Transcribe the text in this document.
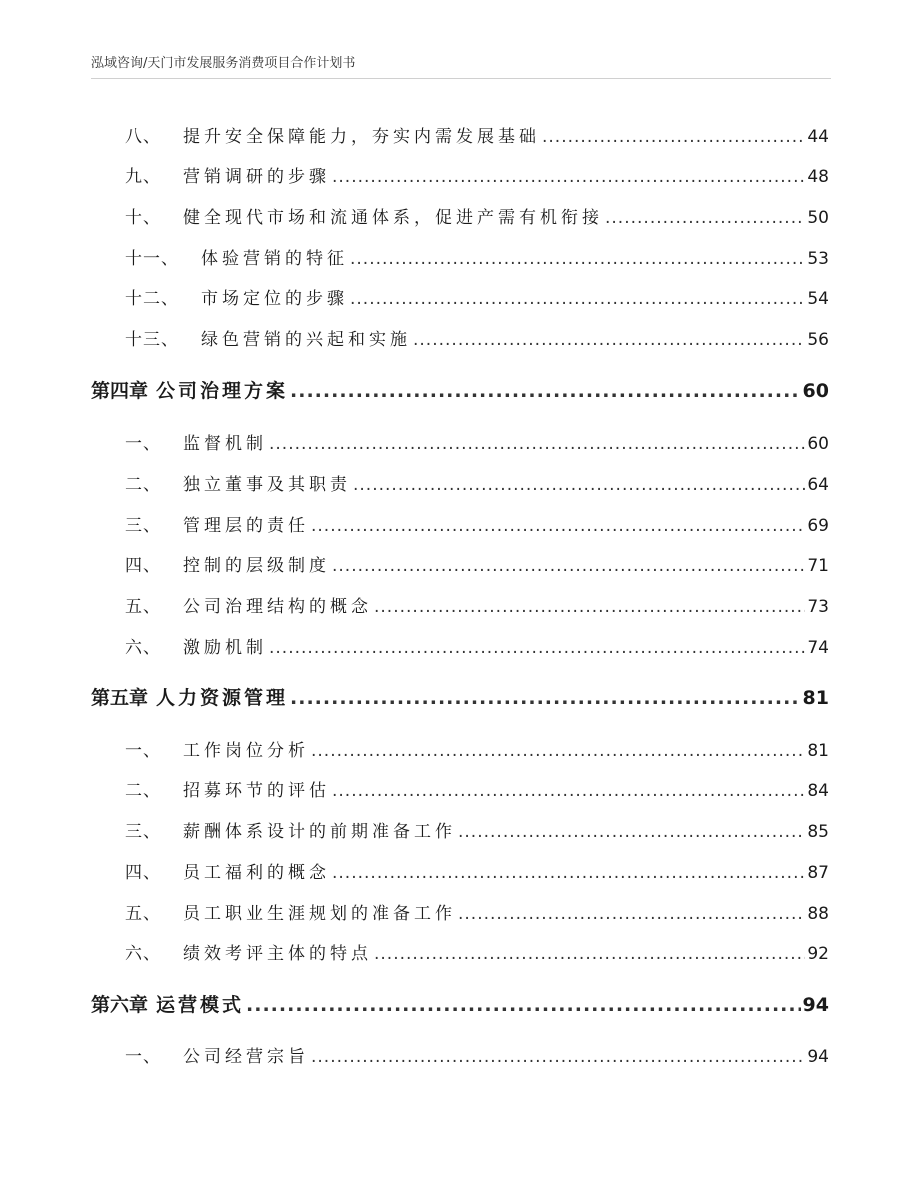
泓域咨询/天门市发展服务消费项目合作计划书
八、 提升安全保障能力，夯实内需发展基础 .....	44
九、 营销调研的步骤 .....	48
十、 健全现代市场和流通体系，促进产需有机衔接 .....	50
十一、 体验营销的特征 .....	53
十二、 市场定位的步骤 .....	54
十三、 绿色营销的兴起和实施 .....	56
第四章 公司治理方案 .....	60
一、 监督机制 .....	60
二、 独立董事及其职责 .....	64
三、 管理层的责任 .....	69
四、 控制的层级制度 .....	71
五、 公司治理结构的概念 .....	73
六、 激励机制 .....	74
第五章 人力资源管理 .....	81
一、 工作岗位分析 .....	81
二、 招募环节的评估 .....	84
三、 薪酬体系设计的前期准备工作 .....	85
四、 员工福利的概念 .....	87
五、 员工职业生涯规划的准备工作 .....	88
六、 绩效考评主体的特点 .....	92
第六章 运营模式 .....	94
一、 公司经营宗旨 .....	94
